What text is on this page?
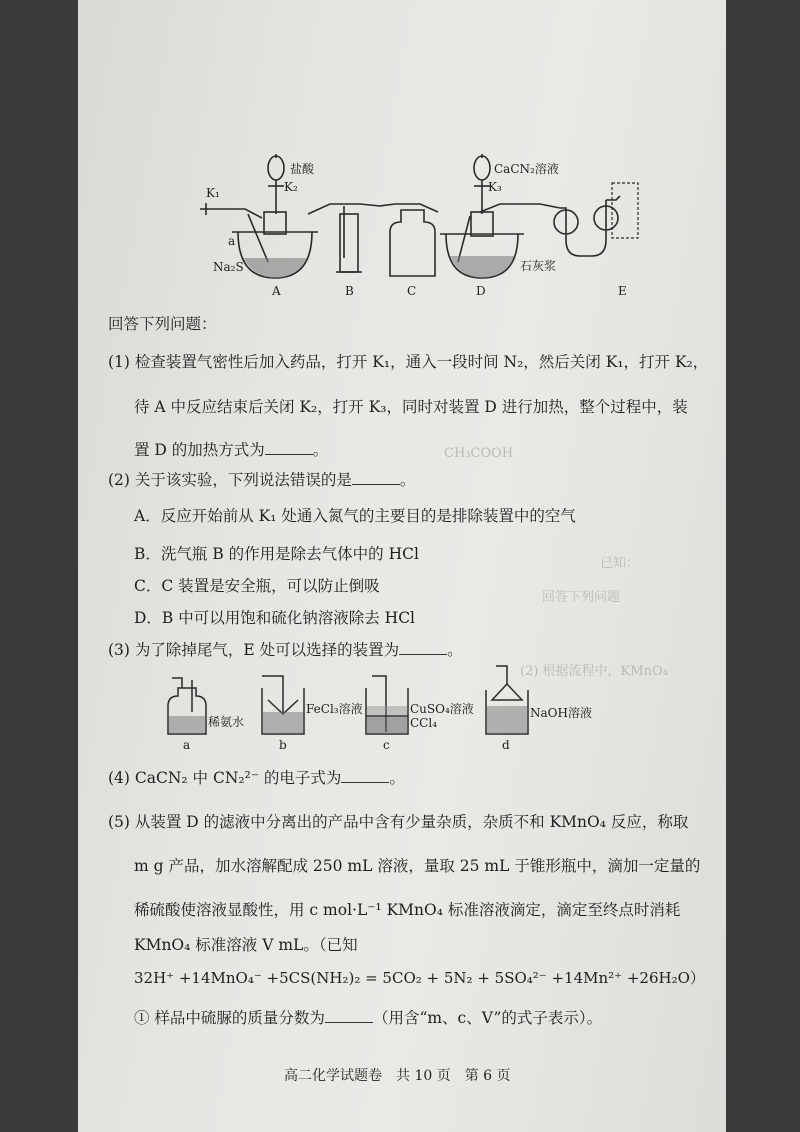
已知：
CH₃COOH
(2) 根据流程中，KMnO₄
回答下列问题
盐酸
K₂
K₁
a
Na₂S
CaCN₂溶液
K₃
石灰浆
A	B	C	D	E
回答下列问题：
(1) 检查装置气密性后加入药品，打开 K₁，通入一段时间 N₂，然后关闭 K₁，打开 K₂，
待 A 中反应结束后关闭 K₂，打开 K₃，同时对装置 D 进行加热，整个过程中，装
置 D 的加热方式为	。
(2) 关于该实验，下列说法错误的是	。
A．反应开始前从 K₁ 处通入氮气的主要目的是排除装置中的空气
B．洗气瓶 B 的作用是除去气体中的 HCl
C．C 装置是安全瓶，可以防止倒吸
D．B 中可以用饱和硫化钠溶液除去 HCl
(3) 为了除掉尾气，E 处可以选择的装置为	。
稀氨水
FeCl₃溶液	CuSO₄溶液
CCl₄
NaOH溶液
a	b	c	d
(4) CaCN₂ 中 CN₂²⁻ 的电子式为	。
(5) 从装置 D 的滤液中分离出的产品中含有少量杂质，杂质不和 KMnO₄ 反应，称取
m g 产品，加水溶解配成 250 mL 溶液，量取 25 mL 于锥形瓶中，滴加一定量的
稀硫酸使溶液显酸性，用 c mol·L⁻¹ KMnO₄ 标准溶液滴定，滴定至终点时消耗
KMnO₄ 标准溶液 V mL。（已知
32H⁺ +14MnO₄⁻ +5CS(NH₂)₂ = 5CO₂ + 5N₂ + 5SO₄²⁻ +14Mn²⁺ +26H₂O）
① 样品中硫脲的质量分数为	（用含“m、c、V”的式子表示）。
高二化学试题卷　共 10 页　第 6 页
